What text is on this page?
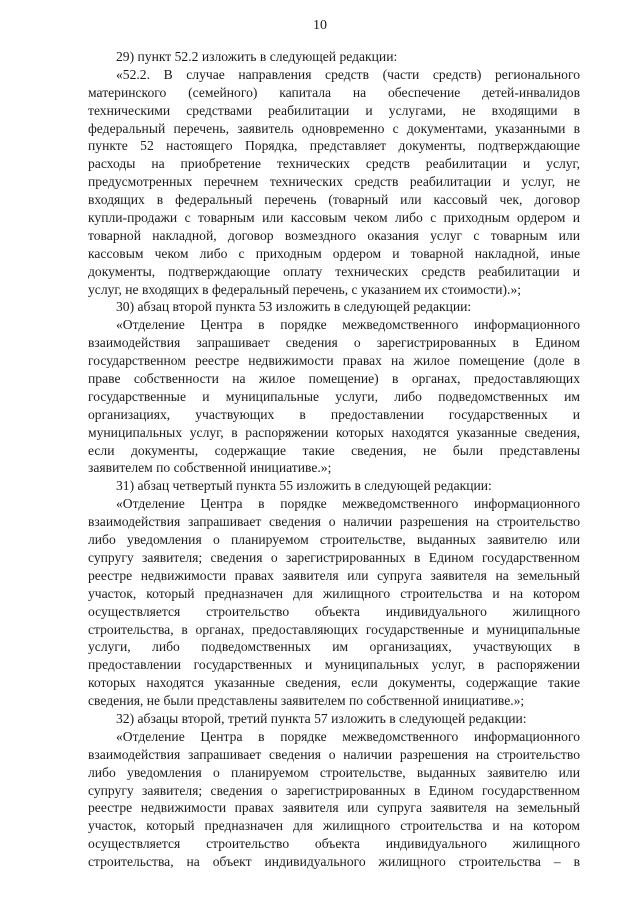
10
29) пункт 52.2 изложить в следующей редакции:
«52.2. В случае направления средств (части средств) регионального
материнского (семейного) капитала на обеспечение детей-инвалидов
техническими средствами реабилитации и услугами, не входящими в
федеральный перечень, заявитель одновременно с документами, указанными в
пункте 52 настоящего Порядка, представляет документы, подтверждающие
расходы на приобретение технических средств реабилитации и услуг,
предусмотренных перечнем технических средств реабилитации и услуг, не
входящих в федеральный перечень (товарный или кассовый чек, договор
купли-продажи с товарным или кассовым чеком либо с приходным ордером и
товарной накладной, договор возмездного оказания услуг с товарным или
кассовым чеком либо с приходным ордером и товарной накладной, иные
документы, подтверждающие оплату технических средств реабилитации и
услуг, не входящих в федеральный перечень, с указанием их стоимости).»;
30) абзац второй пункта 53 изложить в следующей редакции:
«Отделение Центра в порядке межведомственного информационного
взаимодействия запрашивает сведения о зарегистрированных в Едином
государственном реестре недвижимости правах на жилое помещение (доле в
праве собственности на жилое помещение) в органах, предоставляющих
государственные и муниципальные услуги, либо подведомственных им
организациях, участвующих в предоставлении государственных и
муниципальных услуг, в распоряжении которых находятся указанные сведения,
если документы, содержащие такие сведения, не были представлены
заявителем по собственной инициативе.»;
31) абзац четвертый пункта 55 изложить в следующей редакции:
«Отделение Центра в порядке межведомственного информационного
взаимодействия запрашивает сведения о наличии разрешения на строительство
либо уведомления о планируемом строительстве, выданных заявителю или
супругу заявителя; сведения о зарегистрированных в Едином государственном
реестре недвижимости правах заявителя или супруга заявителя на земельный
участок, который предназначен для жилищного строительства и на котором
осуществляется строительство объекта индивидуального жилищного
строительства, в органах, предоставляющих государственные и муниципальные
услуги, либо подведомственных им организациях, участвующих в
предоставлении государственных и муниципальных услуг, в распоряжении
которых находятся указанные сведения, если документы, содержащие такие
сведения, не были представлены заявителем по собственной инициативе.»;
32) абзацы второй, третий пункта 57 изложить в следующей редакции:
«Отделение Центра в порядке межведомственного информационного
взаимодействия запрашивает сведения о наличии разрешения на строительство
либо уведомления о планируемом строительстве, выданных заявителю или
супругу заявителя; сведения о зарегистрированных в Едином государственном
реестре недвижимости правах заявителя или супруга заявителя на земельный
участок, который предназначен для жилищного строительства и на котором
осуществляется строительство объекта индивидуального жилищного
строительства, на объект индивидуального жилищного строительства – в
